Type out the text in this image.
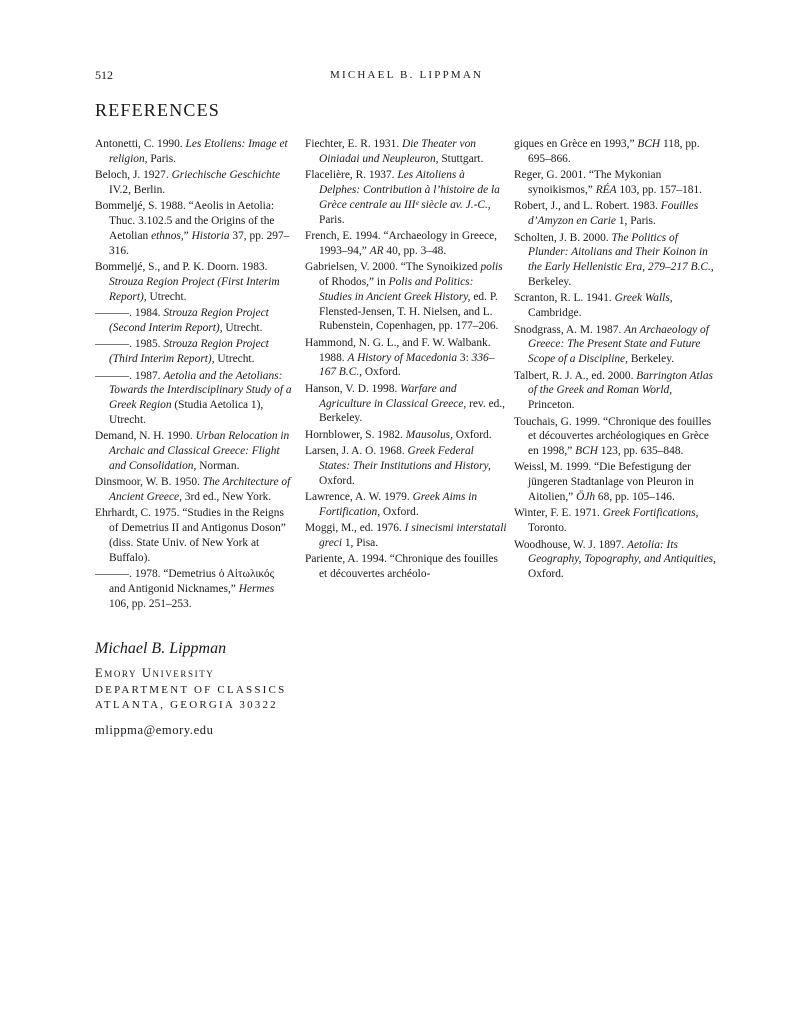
512	MICHAEL B. LIPPMAN
REFERENCES

Antonetti, C. 1990. Les Etoliens: Image et religion, Paris.

Beloch, J. 1927. Griechische Geschichte IV.2, Berlin.

Bommeljé, S. 1988. “Aeolis in Aetolia: Thuc. 3.102.5 and the Origins of the Aetolian ethnos,” Historia 37, pp. 297–316.

Bommeljé, S., and P. K. Doorn. 1983. Strouza Region Project (First Interim Report), Utrecht.

———. 1984. Strouza Region Project (Second Interim Report), Utrecht.

———. 1985. Strouza Region Project (Third Interim Report), Utrecht.

———. 1987. Aetolia and the Aetolians: Towards the Interdisciplinary Study of a Greek Region (Studia Aetolica 1), Utrecht.

Demand, N. H. 1990. Urban Relocation in Archaic and Classical Greece: Flight and Consolidation, Norman.

Dinsmoor, W. B. 1950. The Architecture of Ancient Greece, 3rd ed., New York.

Ehrhardt, C. 1975. “Studies in the Reigns of Demetrius II and Antigonus Doson” (diss. State Univ. of New York at Buffalo).

———. 1978. “Demetrius ὁ Αἰτωλικός and Antigonid Nicknames,” Hermes 106, pp. 251–253.

Fiechter, E. R. 1931. Die Theater von Oiniadai und Neupleuron, Stuttgart.

Flacelière, R. 1937. Les Aitoliens à Delphes: Contribution à l’histoire de la Grèce centrale au IIIᵉ siècle av. J.-C., Paris.

French, E. 1994. “Archaeology in Greece, 1993–94,” AR 40, pp. 3–48.

Gabrielsen, V. 2000. “The Synoikized polis of Rhodos,” in Polis and Politics: Studies in Ancient Greek History, ed. P. Flensted-Jensen, T. H. Nielsen, and L. Rubenstein, Copenhagen, pp. 177–206.

Hammond, N. G. L., and F. W. Walbank. 1988. A History of Macedonia 3: 336–167 B.C., Oxford.

Hanson, V. D. 1998. Warfare and Agriculture in Classical Greece, rev. ed., Berkeley.

Hornblower, S. 1982. Mausolus, Oxford.

Larsen, J. A. O. 1968. Greek Federal States: Their Institutions and History, Oxford.

Lawrence, A. W. 1979. Greek Aims in Fortification, Oxford.

Moggi, M., ed. 1976. I sinecismi interstatali greci 1, Pisa.

Pariente, A. 1994. “Chronique des fouilles et découvertes archéolo-

giques en Grèce en 1993,” BCH 118, pp. 695–866.

Reger, G. 2001. “The Mykonian synoikismos,” RÉA 103, pp. 157–181.

Robert, J., and L. Robert. 1983. Fouilles d’Amyzon en Carie 1, Paris.

Scholten, J. B. 2000. The Politics of Plunder: Aitolians and Their Koinon in the Early Hellenistic Era, 279–217 B.C., Berkeley.

Scranton, R. L. 1941. Greek Walls, Cambridge.

Snodgrass, A. M. 1987. An Archaeology of Greece: The Present State and Future Scope of a Discipline, Berkeley.

Talbert, R. J. A., ed. 2000. Barrington Atlas of the Greek and Roman World, Princeton.

Touchais, G. 1999. “Chronique des fouilles et découvertes archéologiques en Grèce en 1998,” BCH 123, pp. 635–848.

Weissl, M. 1999. “Die Befestigung der jüngeren Stadtanlage von Pleuron in Aitolien,” ÖJh 68, pp. 105–146.

Winter, F. E. 1971. Greek Fortifications, Toronto.

Woodhouse, W. J. 1897. Aetolia: Its Geography, Topography, and Antiquities, Oxford.

Michael B. Lippman

Emory University

DEPARTMENT OF CLASSICS

ATLANTA, GEORGIA 30322

mlippma@emory.edu
